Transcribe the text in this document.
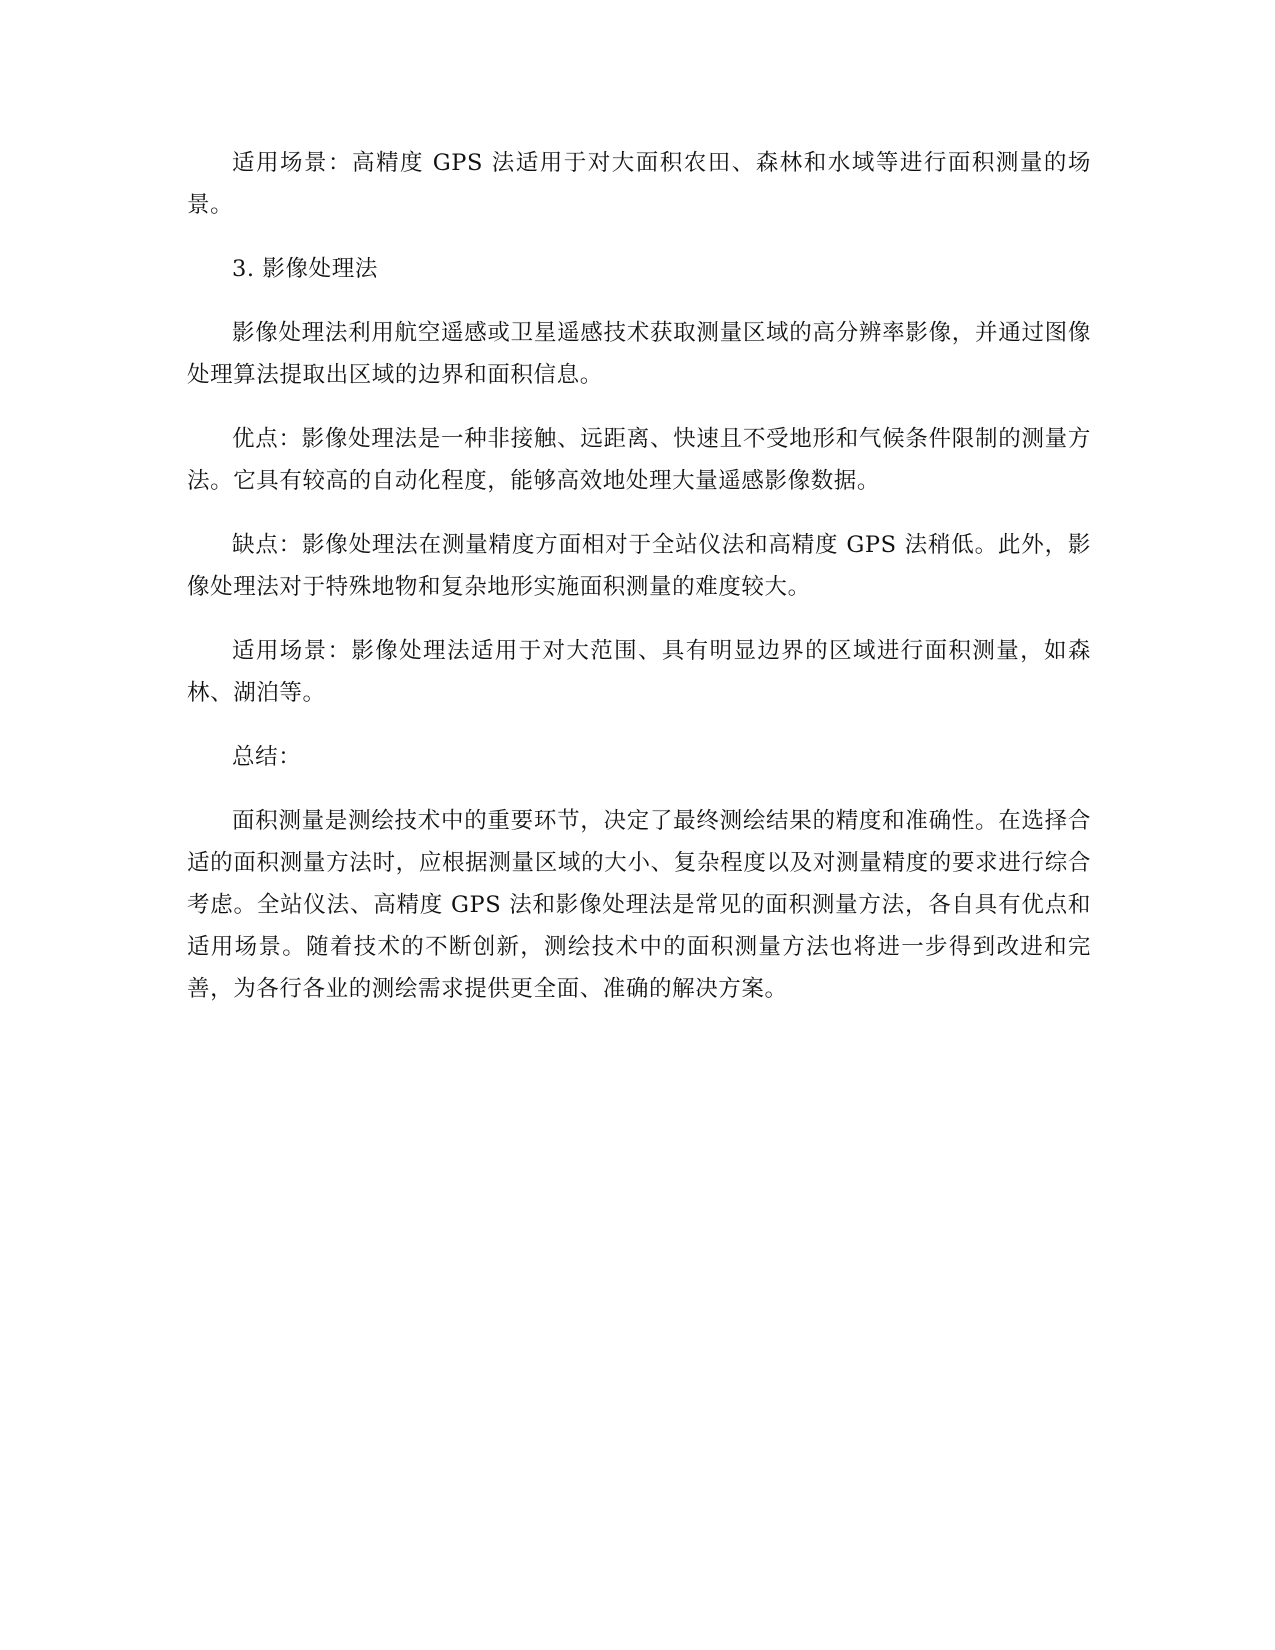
适用场景：高精度 GPS 法适用于对大面积农田、森林和水域等进行面积测量的场景。

3. 影像处理法

影像处理法利用航空遥感或卫星遥感技术获取测量区域的高分辨率影像，并通过图像处理算法提取出区域的边界和面积信息。

优点：影像处理法是一种非接触、远距离、快速且不受地形和气候条件限制的测量方法。它具有较高的自动化程度，能够高效地处理大量遥感影像数据。

缺点：影像处理法在测量精度方面相对于全站仪法和高精度 GPS 法稍低。此外，影像处理法对于特殊地物和复杂地形实施面积测量的难度较大。

适用场景：影像处理法适用于对大范围、具有明显边界的区域进行面积测量，如森林、湖泊等。

总结：

面积测量是测绘技术中的重要环节，决定了最终测绘结果的精度和准确性。在选择合适的面积测量方法时，应根据测量区域的大小、复杂程度以及对测量精度的要求进行综合考虑。全站仪法、高精度 GPS 法和影像处理法是常见的面积测量方法，各自具有优点和适用场景。随着技术的不断创新，测绘技术中的面积测量方法也将进一步得到改进和完善，为各行各业的测绘需求提供更全面、准确的解决方案。
